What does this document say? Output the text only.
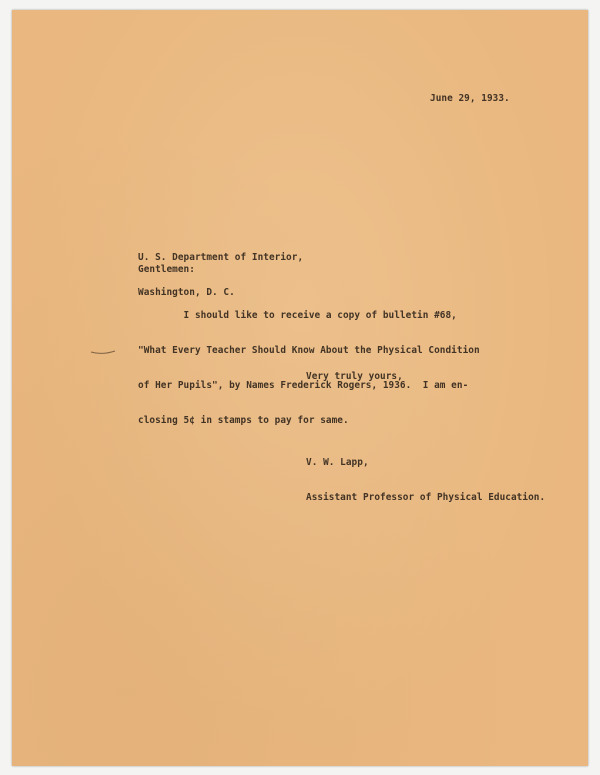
June 29, 1933.

U. S. Department of Interior,

Washington, D. C.

Gentlemen:

I should like to receive a copy of bulletin #68,

"What Every Teacher Should Know About the Physical Condition

of Her Pupils", by Names Frederick Rogers, 1936.  I am en-

closing 5¢ in stamps to pay for same.

Very truly yours,

V. W. Lapp,

Assistant Professor of Physical Education.
